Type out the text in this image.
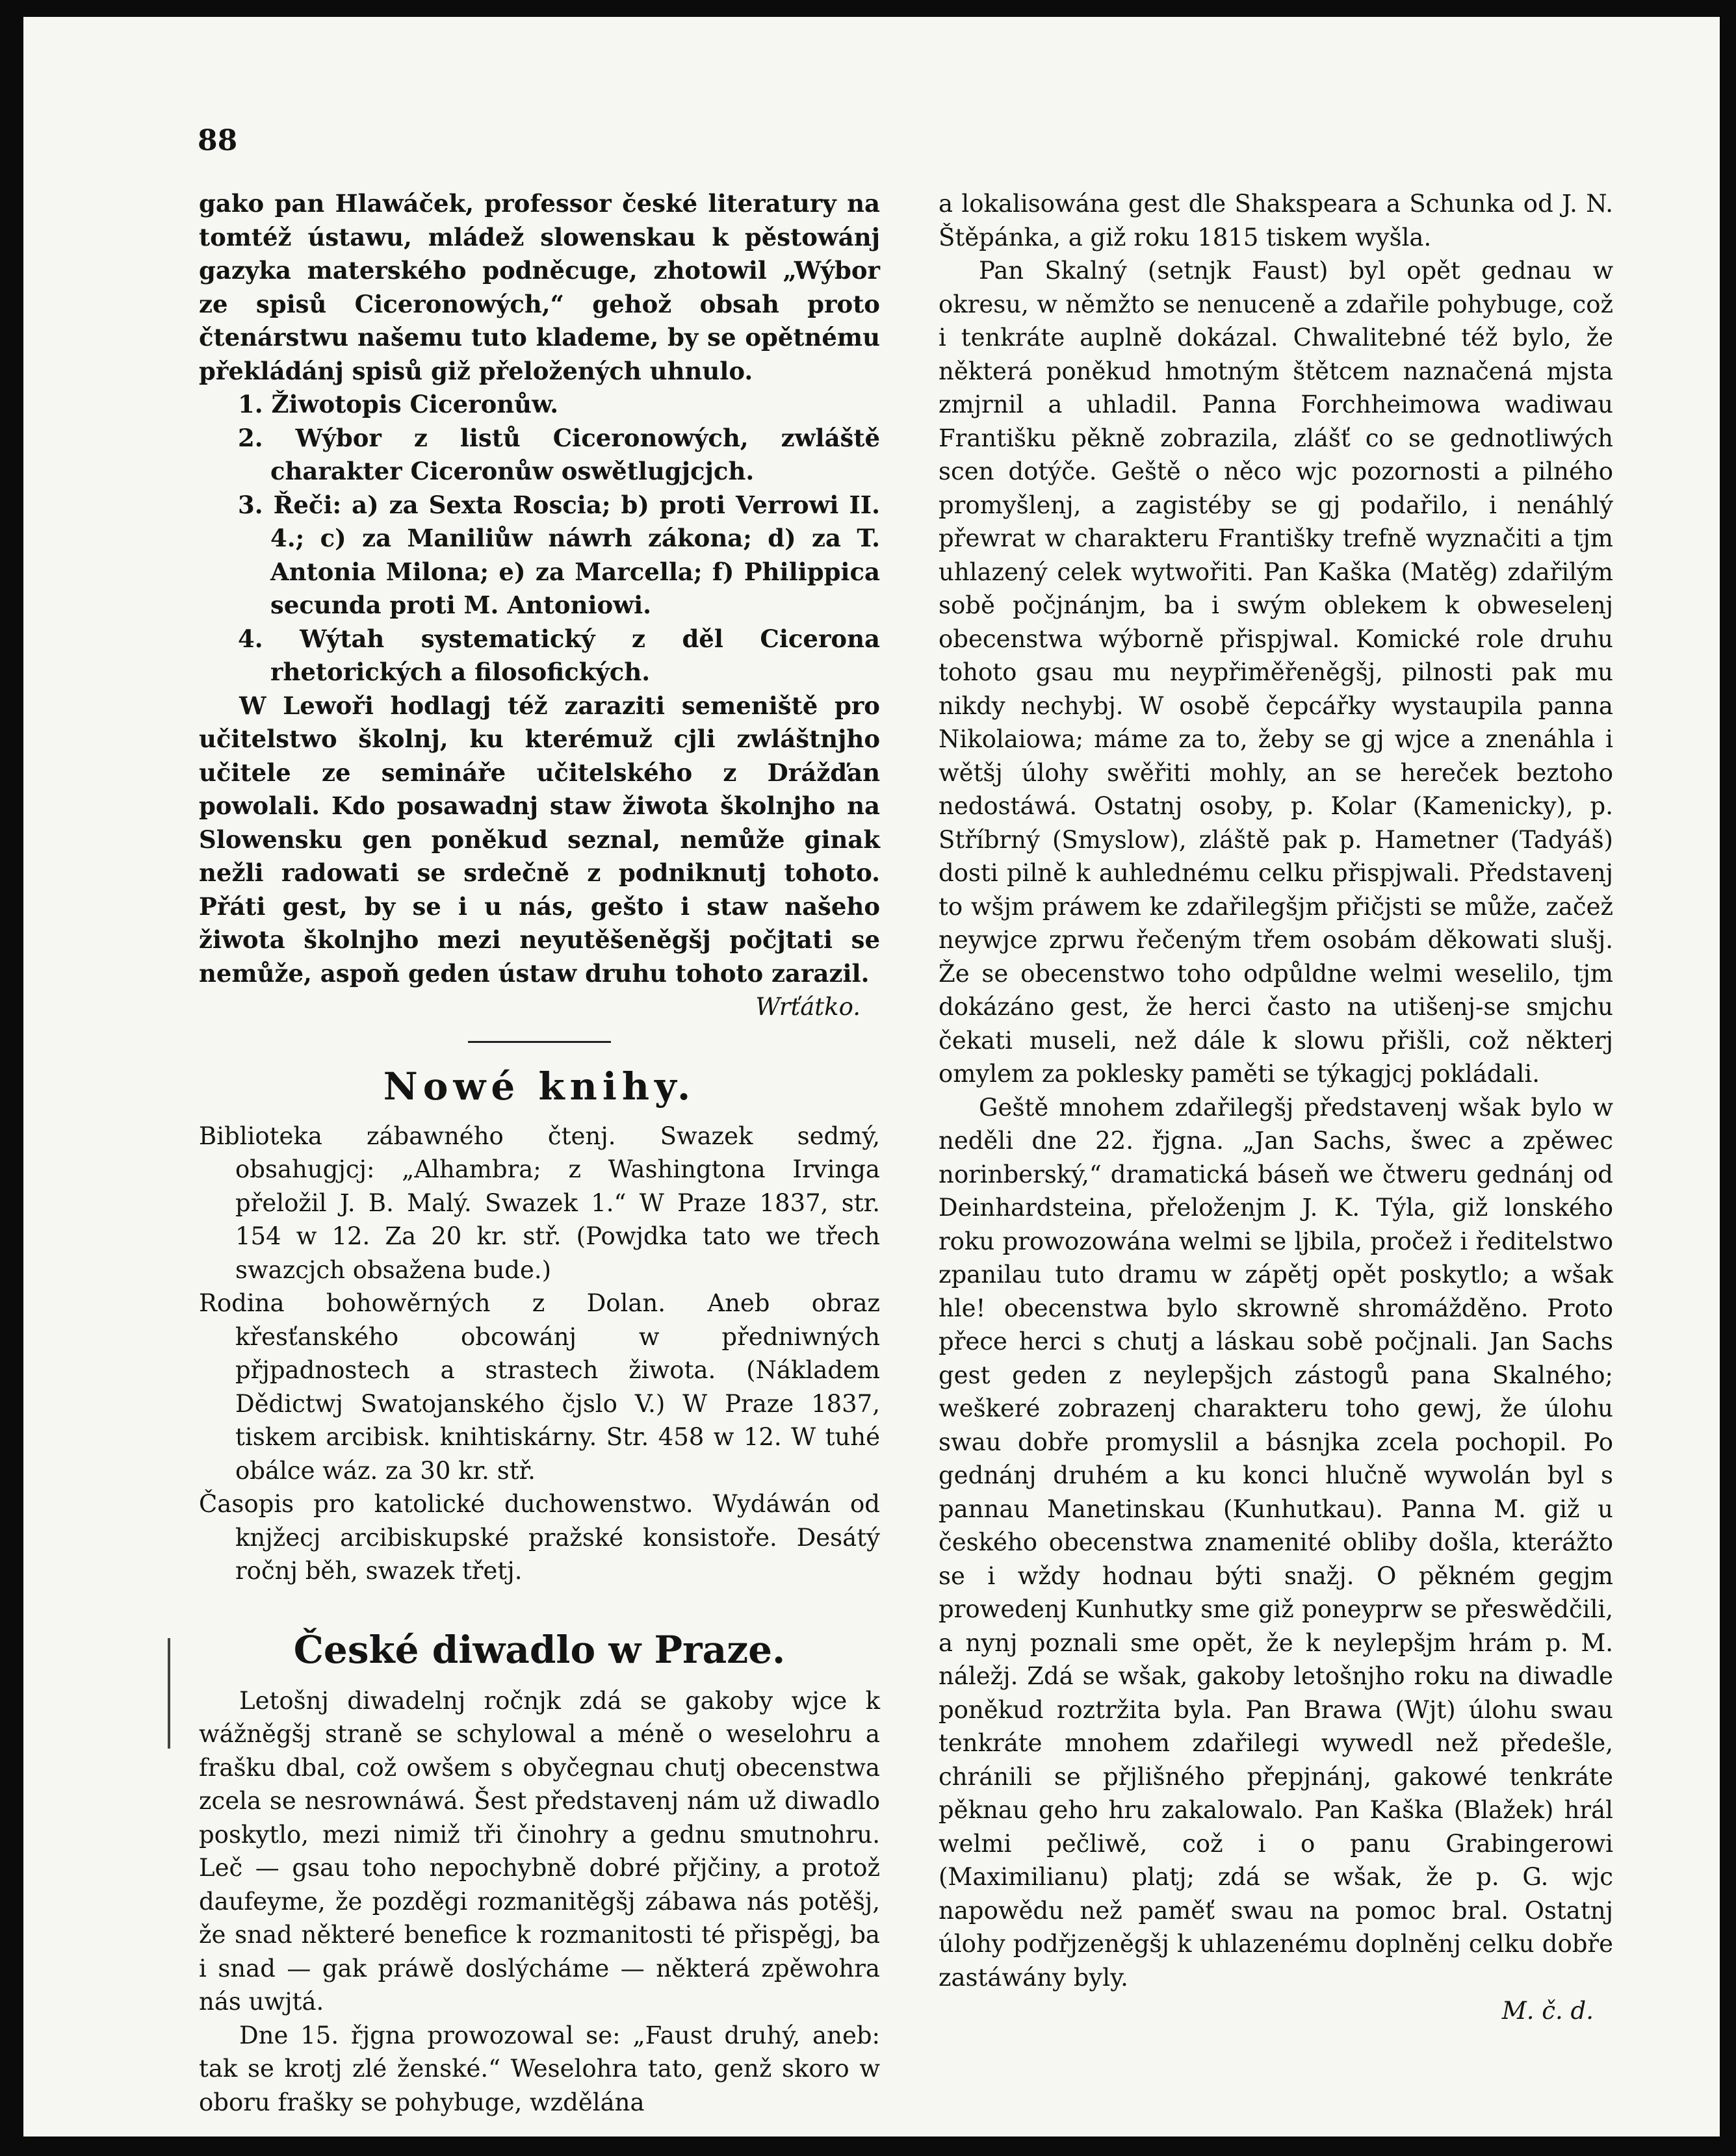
88

gako pan Hlawáček, professor české literatury na tomtéž ústawu, mládež slowenskau k pěstowánj gazyka materského podněcuge, zhotowil „Wýbor ze spisů Ciceronowých,“ gehož obsah proto čtenárstwu našemu tuto klademe, by se opětnému překládánj spisů giž přeložených uhnulo.

1. Žiwotopis Ciceronůw.
2. Wýbor z listů Ciceronowých, zwláště charakter Ciceronůw oswětlugjcjch.
3. Řeči: a) za Sexta Roscia; b) proti Verrowi II. 4.; c) za Maniliůw náwrh zákona; d) za T. Antonia Milona; e) za Marcella; f) Philippica secunda proti M. Antoniowi.
4. Wýtah systematický z děl Cicerona rhetorických a filosofických.

W Lewoři hodlagj též zaraziti semeniště pro učitelstwo školnj, ku kterémuž cjli zwláštnjho učitele ze semináře učitelského z Drážďan powolali. Kdo posawadnj staw žiwota školnjho na Slowensku gen poněkud seznal, nemůže ginak nežli radowati se srdečně z podniknutj tohoto. Přáti gest, by se i u nás, gešto i staw našeho žiwota školnjho mezi neyutěšeněgšj počjtati se nemůže, aspoň geden ústaw druhu tohoto zarazil.

Wrťátko.

Nowé knihy.

Biblioteka zábawného čtenj. Swazek sedmý, obsahugjcj: „Alhambra; z Washingtona Irvinga přeložil J. B. Malý. Swazek 1.“ W Praze 1837, str. 154 w 12. Za 20 kr. stř. (Powjdka tato we třech swazcjch obsažena bude.)

Rodina bohowěrných z Dolan. Aneb obraz křesťanského obcowánj w předniwných přjpadnostech a strastech žiwota. (Nákladem Dědictwj Swatojanského čjslo V.) W Praze 1837, tiskem arcibisk. knihtiskárny. Str. 458 w 12. W tuhé obálce wáz. za 30 kr. stř.

Časopis pro katolické duchowenstwo. Wydáwán od knjžecj arcibiskupské pražské konsistoře. Desátý ročnj běh, swazek třetj.

České diwadlo w Praze.

Letošnj diwadelnj ročnjk zdá se gakoby wjce k wážněgšj straně se schylowal a méně o weselohru a frašku dbal, což owšem s obyčegnau chutj obecenstwa zcela se nesrownáwá. Šest představenj nám už diwadlo poskytlo, mezi nimiž tři činohry a gednu smutnohru. Leč — gsau toho nepochybně dobré přjčiny, a protož daufeyme, že pozděgi rozmanitěgšj zábawa nás potěšj, že snad některé benefice k rozmanitosti té přispěgj, ba i snad — gak práwě doslýcháme — některá zpěwohra nás uwjtá.

Dne 15. řjgna prowozowal se: „Faust druhý, aneb: tak se krotj zlé ženské.“ Weselohra tato, genž skoro w oboru frašky se pohybuge, wzdělána

a lokalisowána gest dle Shakspeara a Schunka od J. N. Štěpánka, a giž roku 1815 tiskem wyšla.

Pan Skalný (setnjk Faust) byl opět gednau w okresu, w němžto se nenuceně a zdařile pohybuge, což i tenkráte auplně dokázal. Chwalitebné též bylo, že některá poněkud hmotným štětcem naznačená mjsta zmjrnil a uhladil. Panna Forchheimowa wadiwau Františku pěkně zobrazila, zlášť co se gednotliwých scen dotýče. Geště o něco wjc pozornosti a pilného promyšlenj, a zagistéby se gj podařilo, i nenáhlý přewrat w charakteru Františky trefně wyznačiti a tjm uhlazený celek wytwořiti. Pan Kaška (Matěg) zdařilým sobě počjnánjm, ba i swým oblekem k obweselenj obecenstwa wýborně přispjwal. Komické role druhu tohoto gsau mu neypřiměřeněgšj, pilnosti pak mu nikdy nechybj. W osobě čepcářky wystaupila panna Nikolaiowa; máme za to, žeby se gj wjce a znenáhla i wětšj úlohy swěřiti mohly, an se hereček beztoho nedostáwá. Ostatnj osoby, p. Kolar (Kamenicky), p. Stříbrný (Smyslow), zláště pak p. Hametner (Tadyáš) dosti pilně k auhlednému celku přispjwali. Představenj to wšjm práwem ke zdařilegšjm přičjsti se může, začež neywjce zprwu řečeným třem osobám děkowati slušj. Že se obecenstwo toho odpůldne welmi weselilo, tjm dokázáno gest, že herci často na utišenj-se smjchu čekati museli, než dále k slowu přišli, což některj omylem za poklesky paměti se týkagjcj pokládali.

Geště mnohem zdařilegšj představenj wšak bylo w neděli dne 22. řjgna. „Jan Sachs, šwec a zpěwec norinberský,“ dramatická báseň we čtweru gednánj od Deinhardsteina, přeloženjm J. K. Týla, giž lonského roku prowozowána welmi se ljbila, pročež i ředitelstwo zpanilau tuto dramu w zápětj opět poskytlo; a wšak hle! obecenstwa bylo skrowně shromážděno. Proto přece herci s chutj a láskau sobě počjnali. Jan Sachs gest geden z neylepšjch zástogů pana Skalného; weškeré zobrazenj charakteru toho gewj, že úlohu swau dobře promyslil a básnjka zcela pochopil. Po gednánj druhém a ku konci hlučně wywolán byl s pannau Manetinskau (Kunhutkau). Panna M. giž u českého obecenstwa znamenité obliby došla, kterážto se i wždy hodnau býti snažj. O pěkném gegjm prowedenj Kunhutky sme giž poneyprw se přeswědčili, a nynj poznali sme opět, že k neylepšjm hrám p. M. náležj. Zdá se wšak, gakoby letošnjho roku na diwadle poněkud roztržita byla. Pan Brawa (Wjt) úlohu swau tenkráte mnohem zdařilegi wywedl než předešle, chránili se přjlišného přepjnánj, gakowé tenkráte pěknau geho hru zakalowalo. Pan Kaška (Blažek) hrál welmi pečliwě, což i o panu Grabingerowi (Maximilianu) platj; zdá se wšak, že p. G. wjc napowědu než paměť swau na pomoc bral. Ostatnj úlohy podřjzeněgšj k uhlazenému doplněnj celku dobře zastáwány byly.

M. č. d.
